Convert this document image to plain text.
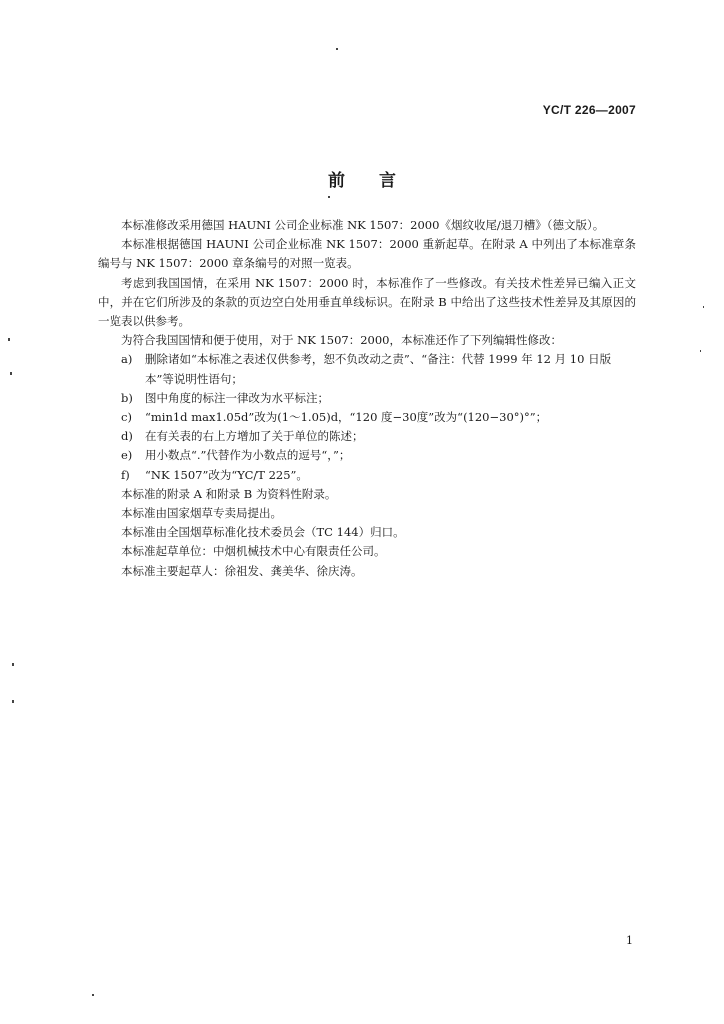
YC/T 226—2007
前言

本标准修改采用德国 HAUNI 公司企业标准 NK 1507：2000《烟纹收尾/退刀槽》（德文版）。

本标准根据德国 HAUNI 公司企业标准 NK 1507：2000 重新起草。在附录 A 中列出了本标准章条编号与 NK 1507：2000 章条编号的对照一览表。

考虑到我国国情，在采用 NK 1507：2000 时，本标准作了一些修改。有关技术性差异已编入正文中，并在它们所涉及的条款的页边空白处用垂直单线标识。在附录 B 中给出了这些技术性差异及其原因的一览表以供参考。

为符合我国国情和便于使用，对于 NK 1507：2000，本标准还作了下列编辑性修改：

a)	删除诸如“本标准之表述仅供参考，恕不负改动之责”、“备注：代替 1999 年 12 月 10 日版本”等说明性语句；
b)	图中角度的标注一律改为水平标注；
c)	“min1d max1.05d”改为(1～1.05)d，“120 度−30度”改为“(120−30°)°”；
d)	在有关表的右上方增加了关于单位的陈述；
e)	用小数点“.”代替作为小数点的逗号“，”；
f)	“NK 1507”改为“YC/T 225”。

本标准的附录 A 和附录 B 为资料性附录。

本标准由国家烟草专卖局提出。

本标准由全国烟草标准化技术委员会（TC 144）归口。

本标准起草单位：中烟机械技术中心有限责任公司。

本标准主要起草人：徐祖发、龚美华、徐庆涛。

1
